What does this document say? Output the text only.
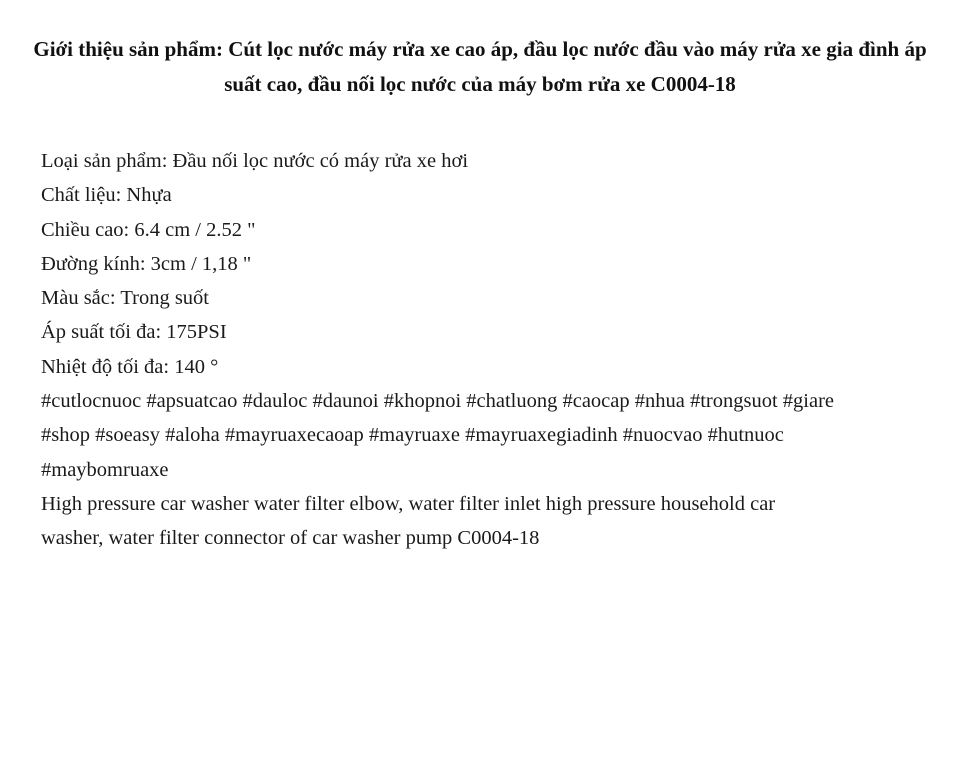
Giới thiệu sản phẩm: Cút lọc nước máy rửa xe cao áp, đầu lọc nước đầu vào máy rửa xe gia đình áp suất cao, đầu nối lọc nước của máy bơm rửa xe C0004-18
Loại sản phẩm: Đầu nối lọc nước có máy rửa xe hơi
Chất liệu: Nhựa
Chiều cao: 6.4 cm / 2.52 "
Đường kính: 3cm / 1,18 "
Màu sắc: Trong suốt
Áp suất tối đa: 175PSI
Nhiệt độ tối đa: 140 °
#cutlocnuoc #apsuatcao #dauloc #daunoi #khopnoi #chatluong #caocap #nhua #trongsuot #giare
#shop #soeasy #aloha #mayruaxecaoap #mayruaxe #mayruaxegiadinh #nuocvao #hutnuoc
#maybomruaxe
High pressure car washer water filter elbow, water filter inlet high pressure household car
washer, water filter connector of car washer pump C0004-18
